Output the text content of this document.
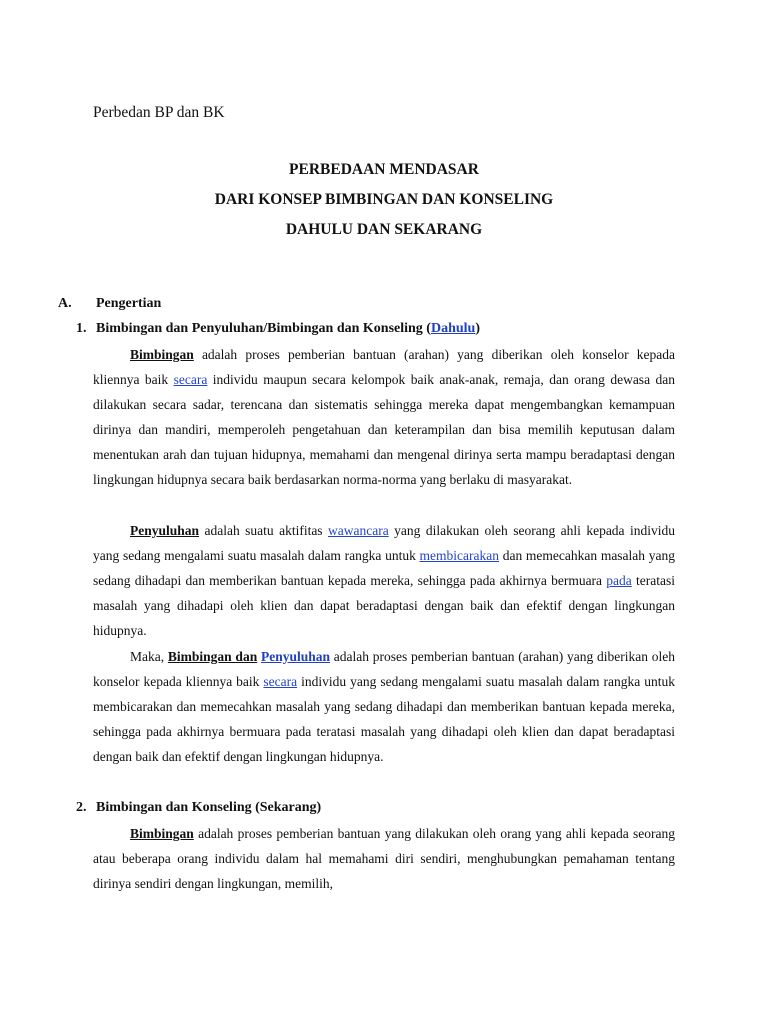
Perbedan BP dan BK
PERBEDAAN MENDASAR
DARI KONSEP BIMBINGAN DAN KONSELING
DAHULU DAN SEKARANG
A. Pengertian
1. Bimbingan dan Penyuluhan/Bimbingan dan Konseling (Dahulu)

Bimbingan adalah proses pemberian bantuan (arahan) yang diberikan oleh konselor kepada kliennya baik secara individu maupun secara kelompok baik anak-anak, remaja, dan orang dewasa dan dilakukan secara sadar, terencana dan sistematis sehingga mereka dapat mengembangkan kemampuan dirinya dan mandiri, memperoleh pengetahuan dan keterampilan dan bisa memilih keputusan dalam menentukan arah dan tujuan hidupnya, memahami dan mengenal dirinya serta mampu beradaptasi dengan lingkungan hidupnya secara baik berdasarkan norma-norma yang berlaku di masyarakat.

Penyuluhan adalah suatu aktifitas wawancara yang dilakukan oleh seorang ahli kepada individu yang sedang mengalami suatu masalah dalam rangka untuk membicarakan dan memecahkan masalah yang sedang dihadapi dan memberikan bantuan kepada mereka, sehingga pada akhirnya bermuara pada teratasi masalah yang dihadapi oleh klien dan dapat beradaptasi dengan baik dan efektif dengan lingkungan hidupnya.

Maka, Bimbingan dan Penyuluhan adalah proses pemberian bantuan (arahan) yang diberikan oleh konselor kepada kliennya baik secara individu yang sedang mengalami suatu masalah dalam rangka untuk membicarakan dan memecahkan masalah yang sedang dihadapi dan memberikan bantuan kepada mereka, sehingga pada akhirnya bermuara pada teratasi masalah yang dihadapi oleh klien dan dapat beradaptasi dengan baik dan efektif dengan lingkungan hidupnya.

2. Bimbingan dan Konseling (Sekarang)

Bimbingan adalah proses pemberian bantuan yang dilakukan oleh orang yang ahli kepada seorang atau beberapa orang individu dalam hal memahami diri sendiri, menghubungkan pemahaman tentang dirinya sendiri dengan lingkungan, memilih,
